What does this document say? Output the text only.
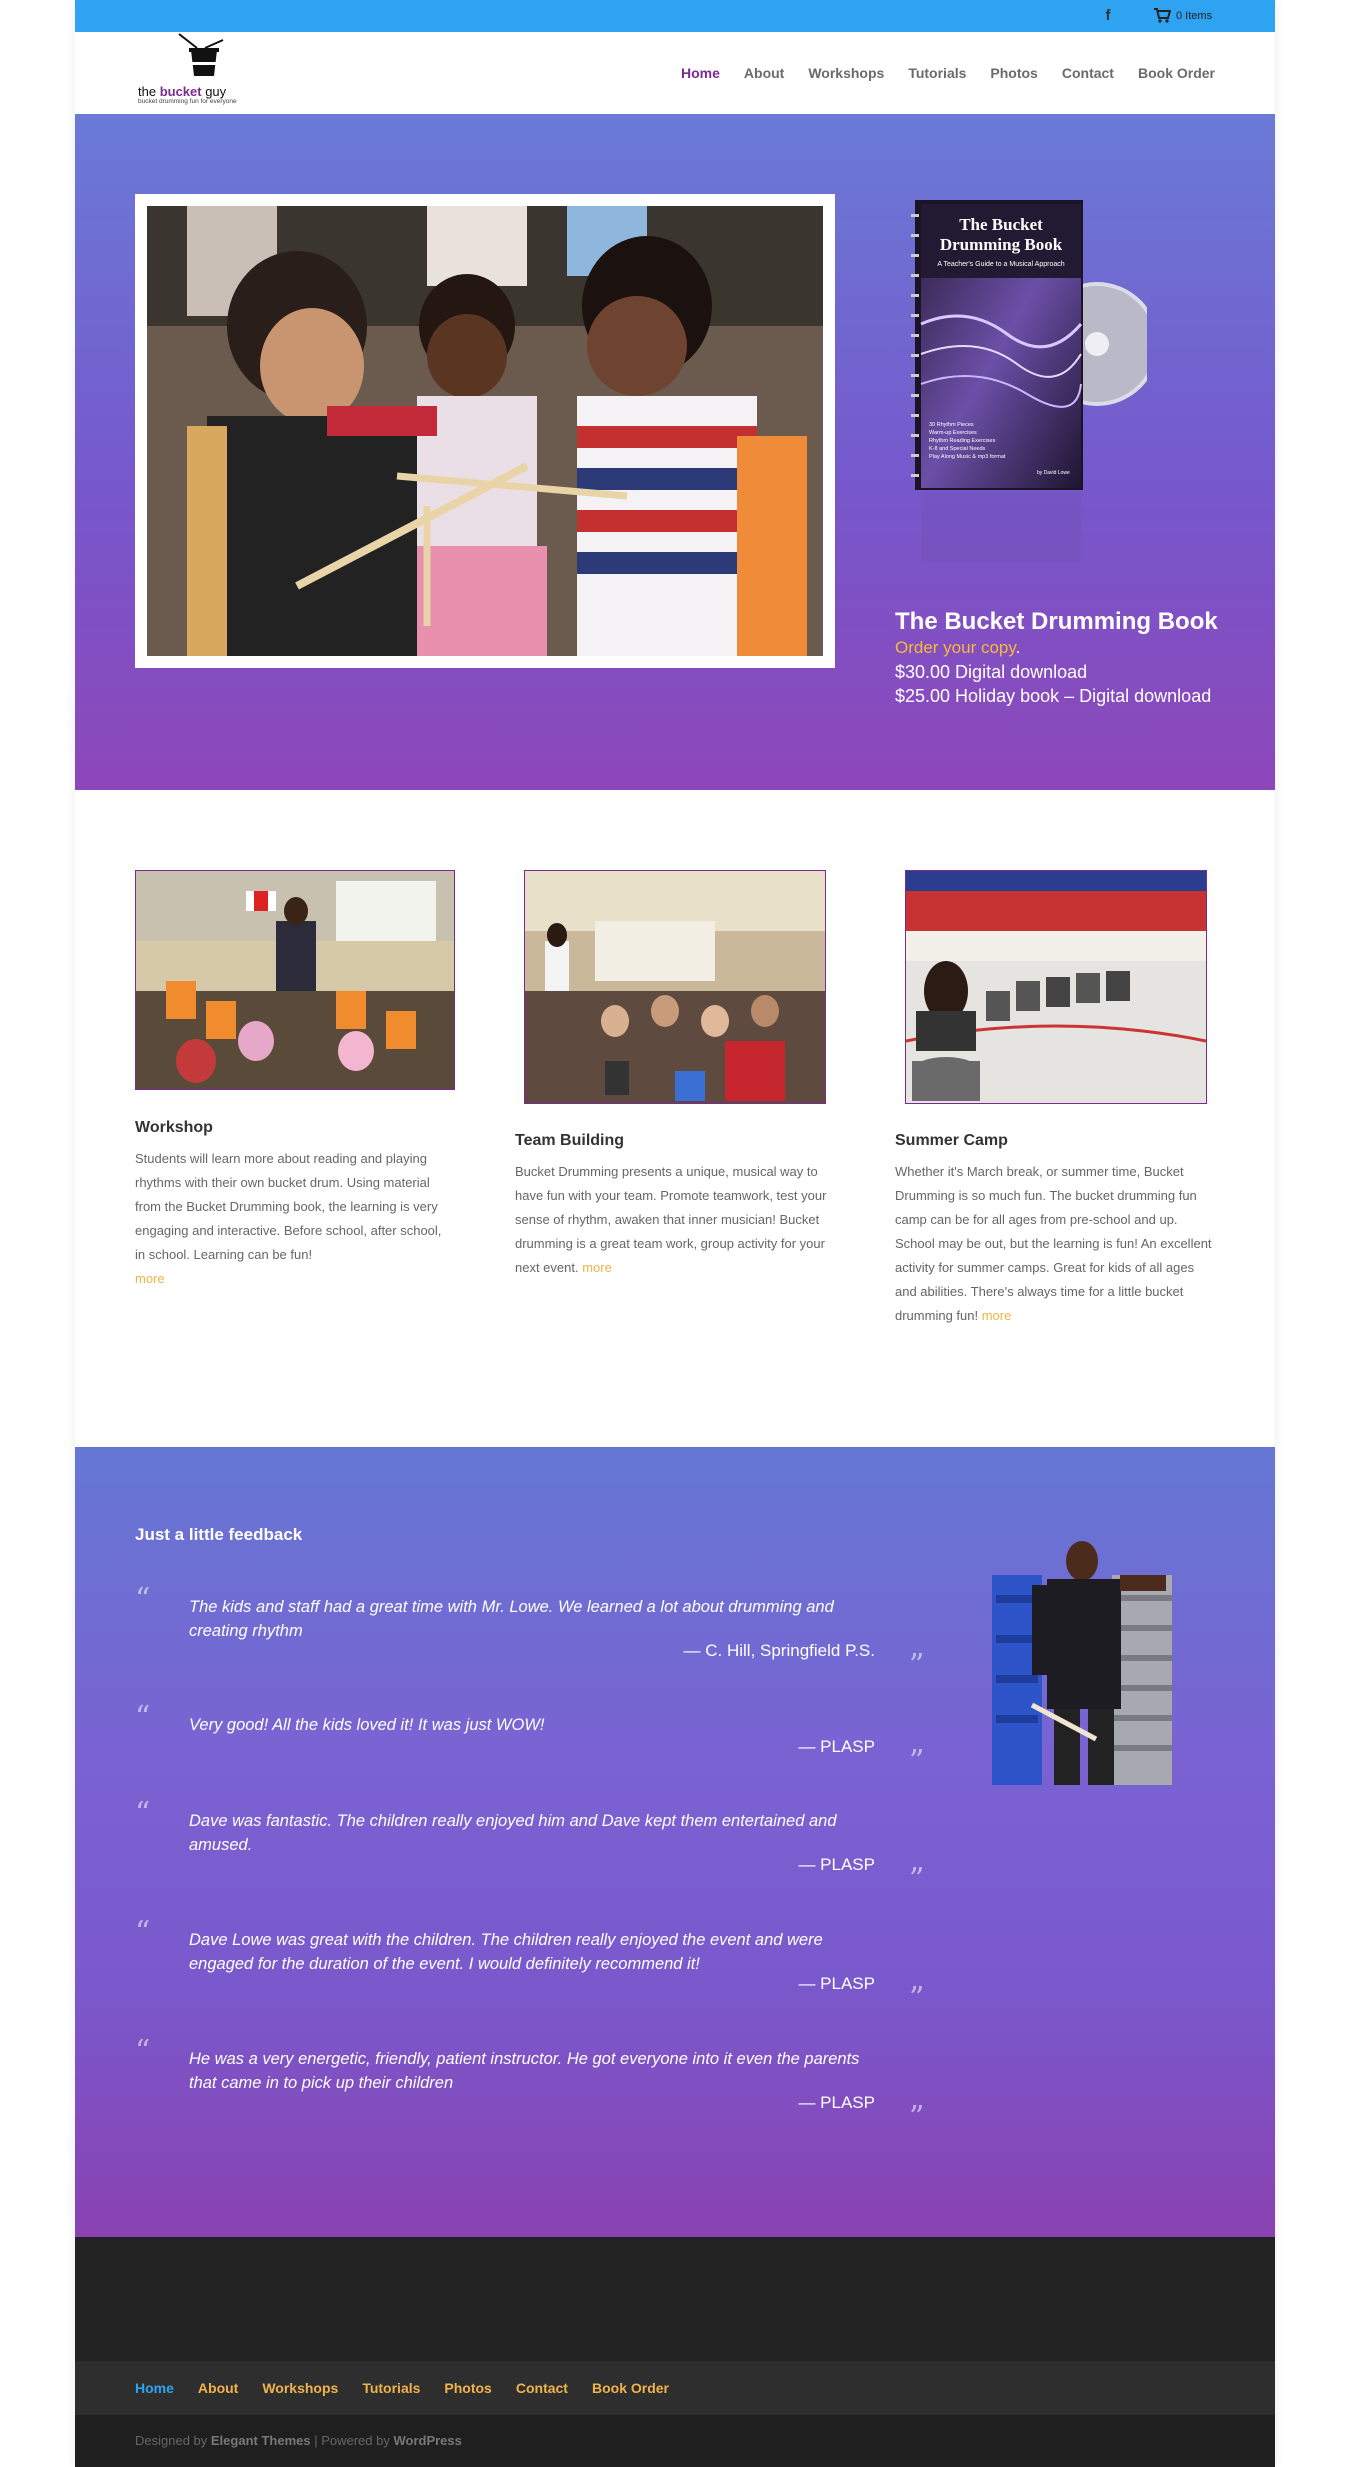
f	0 Items
the bucket guy
bucket drumming fun for everyone
Home About Workshops Tutorials Photos Contact Book Order
The Bucket
Drumming Book
A Teacher's Guide to a Musical Approach
30 Rhythm Pieces
Warm-up Exercises
Rhythm Reading Exercises
K-8 and Special Needs
Play Along Music & mp3 format
by David Lowe
The Bucket Drumming Book
Order your copy.
$30.00 Digital download
$25.00 Holiday book – Digital download
Workshop
Students will learn more about reading and playing rhythms with their own bucket drum. Using material from the Bucket Drumming book, the learning is very engaging and interactive. Before school, after school, in school. Learning can be fun!
more
Team Building
Bucket Drumming presents a unique, musical way to have fun with your team. Promote teamwork, test your sense of rhythm, awaken that inner musician! Bucket drumming is a great team work, group activity for your next event. more
Summer Camp
Whether it's March break, or summer time, Bucket Drumming is so much fun. The bucket drumming fun camp can be for all ages from pre-school and up. School may be out, but the learning is fun! An excellent activity for summer camps. Great for kids of all ages and abilities. There's always time for a little bucket drumming fun! more
Just a little feedback
“ The kids and staff had a great time with Mr. Lowe. We learned a lot about drumming and creating rhythm
— C. Hill, Springfield P.S. ”
“ Very good! All the kids loved it! It was just WOW!
— PLASP ”
“ Dave was fantastic. The children really enjoyed him and Dave kept them entertained and amused.
— PLASP ”
“ Dave Lowe was great with the children. The children really enjoyed the event and were engaged for the duration of the event. I would definitely recommend it!
— PLASP ”
“ He was a very energetic, friendly, patient instructor. He got everyone into it even the parents that came in to pick up their children
— PLASP ”
Home About Workshops Tutorials Photos Contact Book Order
Designed by Elegant Themes | Powered by WordPress
